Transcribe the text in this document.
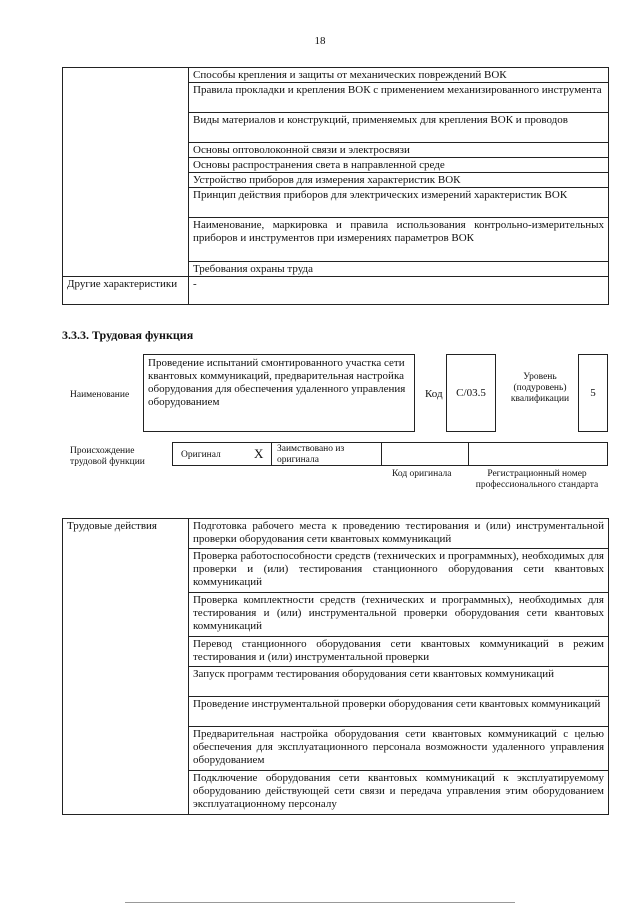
18
	Способы крепления и защиты от механических повреждений ВОК
	Правила прокладки и крепления ВОК с применением механизированного инструмента
	Виды материалов и конструкций, применяемых для крепления ВОК и проводов
	Основы оптоволоконной связи и электросвязи
	Основы распространения света в направленной среде
	Устройство приборов для измерения характеристик ВОК
	Принцип действия приборов для электрических измерений характеристик ВОК
	Наименование, маркировка и правила использования контрольно-измерительных приборов и инструментов при измерениях параметров ВОК
	Требования охраны труда
Другие характеристики	-
3.3.3. Трудовая функция
Наименование
Проведение испытаний смонтированного участка сети квантовых коммуникаций, предварительная настройка оборудования для обеспечения удаленного управления оборудованием
Код	C/03.5
Уровень (подуровень) квалификации	5
Происхождение трудовой функции
Оригинал	X Заимствовано из оригинала
Код оригинала	Регистрационный номер профессионального стандарта
Трудовые действия	Подготовка рабочего места к проведению тестирования и (или) инструментальной проверки оборудования сети квантовых коммуникаций
Проверка работоспособности средств (технических и программных), необходимых для проверки и (или) тестирования станционного оборудования сети квантовых коммуникаций
Проверка комплектности средств (технических и программных), необходимых для тестирования и (или) инструментальной проверки оборудования сети квантовых коммуникаций
Перевод станционного оборудования сети квантовых коммуникаций в режим тестирования и (или) инструментальной проверки
Запуск программ тестирования оборудования сети квантовых коммуникаций
Проведение инструментальной проверки оборудования сети квантовых коммуникаций
Предварительная настройка оборудования сети квантовых коммуникаций с целью обеспечения для эксплуатационного персонала возможности удаленного управления оборудованием
Подключение оборудования сети квантовых коммуникаций к эксплуатируемому оборудованию действующей сети связи и передача управления этим оборудованием эксплуатационному персоналу
